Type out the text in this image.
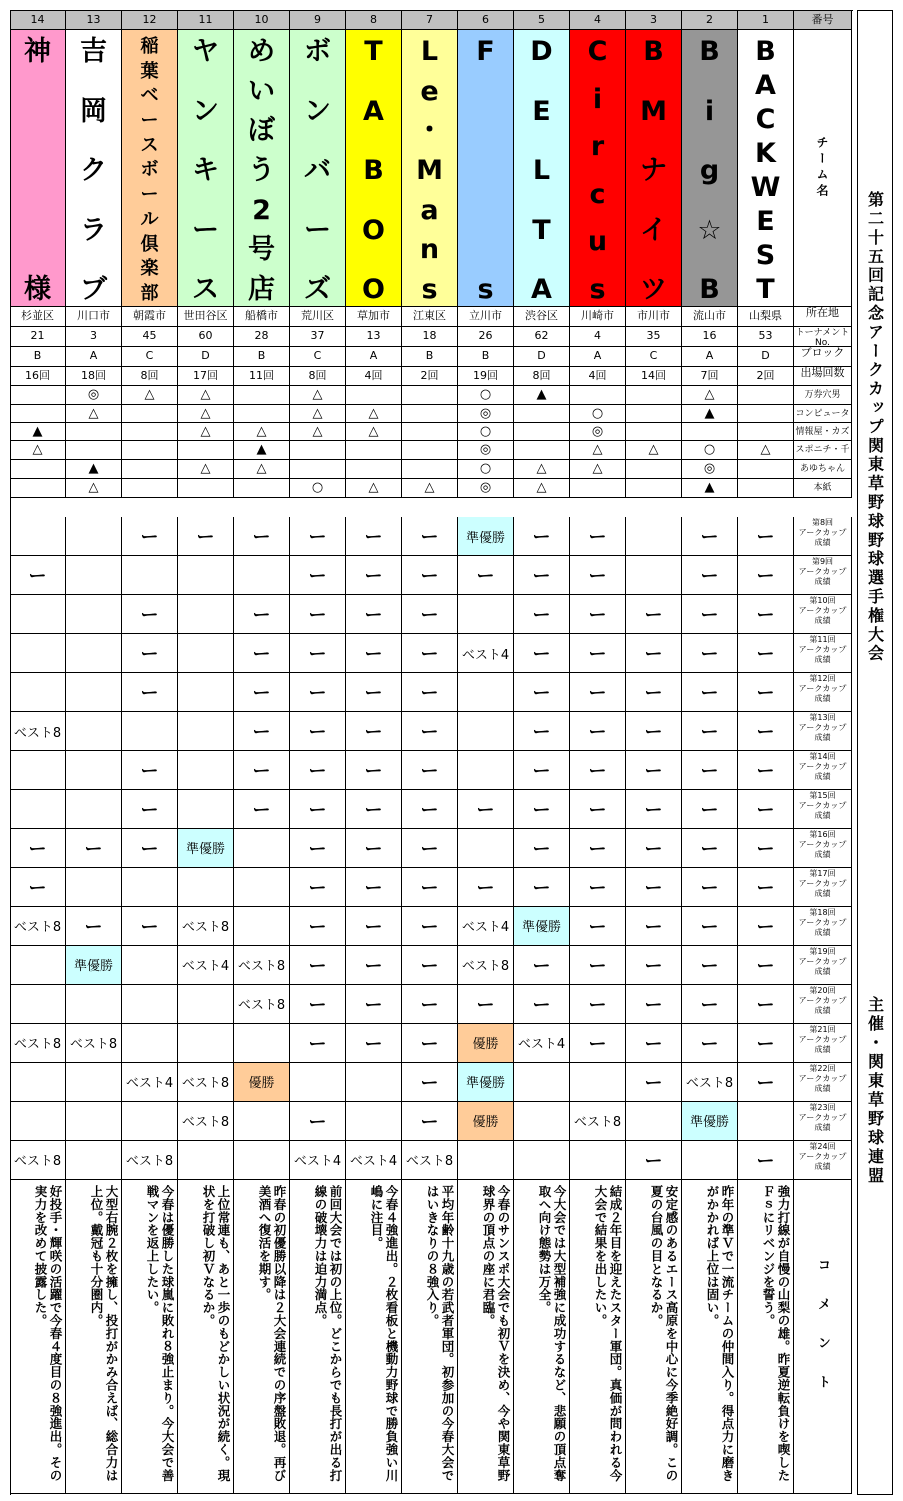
14
神
様
杉並区
21
B
16回
▲
△
ー
ベスト8
ー
ー
ベスト8
ベスト8
ベスト8
好投手・輝咲の活躍で今春４度目の８強進出。その実力を改めて披露した。
13
吉
岡
ク
ラ
ブ
川口市
3
A
18回
◎
△
▲
△
ー
ー
準優勝
ベスト8
大型右腕２枚を擁し、投打がかみ合えば、総合力は上位。戴冠も十分圏内。
12
稲
葉
ベ
ー
ス
ボ
ー
ル
倶
楽
部
朝霞市
45
C
8回
△
ー
ー
ー
ー
ー
ー
ー
ー
ベスト4
ベスト8
今春は優勝した球嵐に敗れ８強止まり。今大会で善戦マンを返上したい。
11
ヤ
ン
キ
ー
ス
世田谷区
60
D
17回
△
△
△
△
ー
準優勝
ベスト8
ベスト4
ベスト8
ベスト8
上位常連も、あと一歩のもどかしい状況が続く。現状を打破し初Ｖなるか。
10
め
い
ぼ
う
2
号
店
船橋市
28
B
11回
△
▲
△
ー
ー
ー
ー
ー
ー
ー
ベスト8
ベスト8
優勝
昨春の初優勝以降は２大会連続での序盤敗退。再び美酒へ復活を期す。
9
ボ
ン
バ
ー
ズ
荒川区
37
C
8回
△
△
△
○
ー
ー
ー
ー
ー
ー
ー
ー
ー
ー
ー
ー
ー
ー
ー
ベスト4
前回大会では初の上位。どこからでも長打が出る打線の破壊力は迫力満点。
8
T
A
B
O
O
草加市
13
A
4回
△
△
△
ー
ー
ー
ー
ー
ー
ー
ー
ー
ー
ー
ー
ー
ー
ベスト4
今春４強進出。２枚看板と機動力野球で勝負強い川嶋に注目。
7
L
e
・
M
a
n
s
江東区
18
B
2回
△
ー
ー
ー
ー
ー
ー
ー
ー
ー
ー
ー
ー
ー
ー
ー
ー
ベスト8
平均年齢十九歳の若武者軍団。初参加の今春大会ではいきなりの８強入り。
6
F
s
立川市
26
B
19回
○
◎
○
◎
○
◎
準優勝
ー
ベスト4
ー
ー
ベスト4
ベスト8
ー
優勝
準優勝
優勝
今春のサンスポ大会でも初Ｖを決め、今や関東草野球界の頂点の座に君臨。
5
D
E
L
T
A
渋谷区
62
D
8回
▲
△
△
ー
ー
ー
ー
ー
ー
ー
ー
ー
ー
準優勝
ー
ー
ベスト4
今大会では大型補強に成功するなど、悲願の頂点奪取へ向け態勢は万全。
4
C
i
r
c
u
s
川崎市
4
A
4回
○
◎
△
△
ー
ー
ー
ー
ー
ー
ー
ー
ー
ー
ー
ー
ー
ー
ベスト8
結成２年目を迎えたスター軍団。真価が問われる今大会で結果を出したい。
3
B
M
ナ
イ
ツ
市川市
35
C
14回
△
ー
ー
ー
ー
ー
ー
ー
ー
ー
ー
ー
ー
ー
ー
安定感のあるエース高原を中心に今季絶好調。この夏の台風の目となるか。
2
B
i
g
☆
B
流山市
16
A
7回
△
▲
○
◎
▲
ー
ー
ー
ー
ー
ー
ー
ー
ー
ー
ー
ー
ー
ー
ベスト8
準優勝
昨年の準Ｖで一流チームの仲間入り。得点力に磨きがかかれば上位は固い。
1
B
A
C
K
W
E
S
T
山梨県
53
D
2回
△
ー
ー
ー
ー
ー
ー
ー
ー
ー
ー
ー
ー
ー
ー
ー
ー
強力打線が自慢の山梨の雄。昨夏逆転負けを喫したＦｓにリベンジを誓う。
番号
チーム名
所在地
トーナメントNo.
ブロック
出場回数
万券穴男
コンピュータ
情報屋・カズ
スポニチ・千
あゆちゃん
本紙
第8回
アークカップ
成績
第9回
アークカップ
成績
第10回
アークカップ
成績
第11回
アークカップ
成績
第12回
アークカップ
成績
第13回
アークカップ
成績
第14回
アークカップ
成績
第15回
アークカップ
成績
第16回
アークカップ
成績
第17回
アークカップ
成績
第18回
アークカップ
成績
第19回
アークカップ
成績
第20回
アークカップ
成績
第21回
アークカップ
成績
第22回
アークカップ
成績
第23回
アークカップ
成績
第24回
アークカップ
成績
コメント
第二十五回記念アークカップ関東草野球野球選手権大会
主催・関東草野球連盟
